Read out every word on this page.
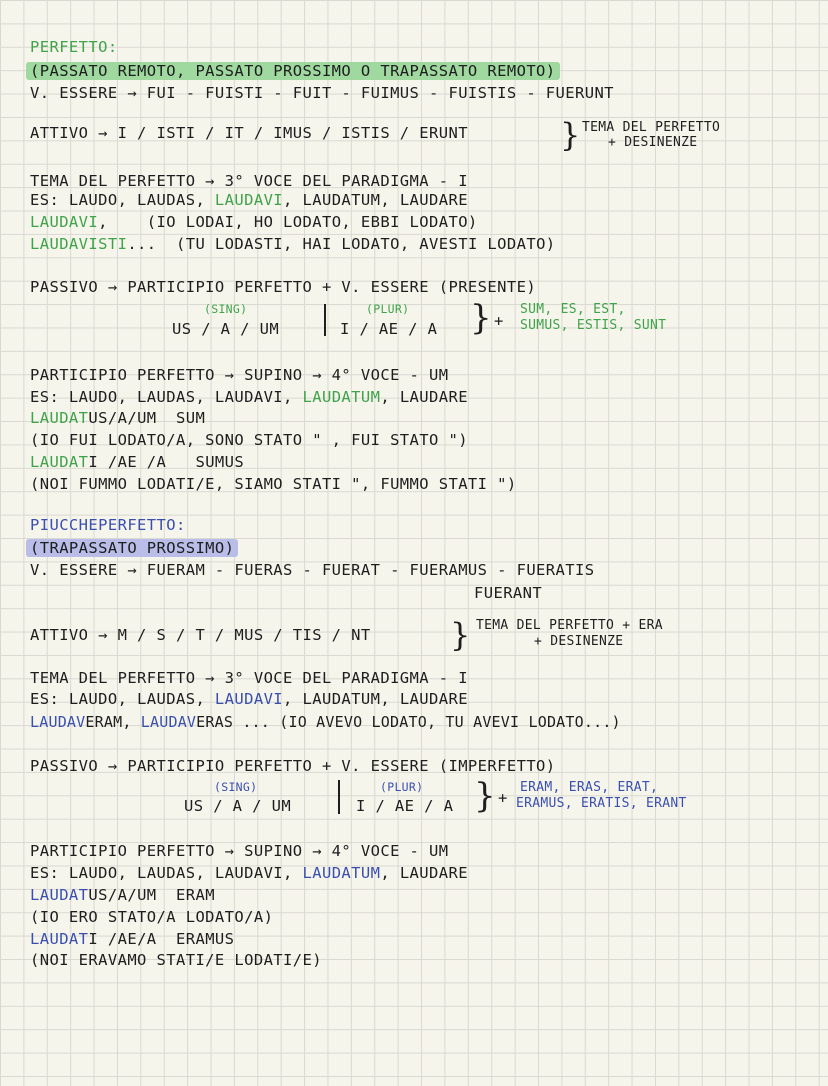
PERFETTO:
(PASSATO REMOTO, PASSATO PROSSIMO O TRAPASSATO REMOTO)
V. ESSERE → FUI - FUISTI - FUIT - FUIMUS - FUISTIS - FUERUNT
ATTIVO → I / ISTI / IT / IMUS / ISTIS / ERUNT	} TEMA DEL PERFETTO
+ DESINENZE
TEMA DEL PERFETTO → 3° VOCE DEL PARADIGMA - I
ES: LAUDO, LAUDAS, LAUDAVI, LAUDATUM, LAUDARE
LAUDAVI,    (IO LODAI, HO LODATO, EBBI LODATO)
LAUDAVISTI...  (TU LODASTI, HAI LODATO, AVESTI LODATO)
PASSIVO → PARTICIPIO PERFETTO + V. ESSERE (PRESENTE)
(SING)	(PLUR)
US / A / UM	I / AE / A } +
SUM, ES, EST,
SUMUS, ESTIS, SUNT
PARTICIPIO PERFETTO → SUPINO → 4° VOCE - UM
ES: LAUDO, LAUDAS, LAUDAVI, LAUDATUM, LAUDARE
LAUDATUS/A/UM  SUM
(IO FUI LODATO/A, SONO STATO " , FUI STATO ")
LAUDATI /AE /A   SUMUS
(NOI FUMMO LODATI/E, SIAMO STATI ", FUMMO STATI ")
PIUCCHEPERFETTO:
(TRAPASSATO PROSSIMO)
V. ESSERE → FUERAM - FUERAS - FUERAT - FUERAMUS - FUERATIS
FUERANT
ATTIVO → M / S / T / MUS / TIS / NT } TEMA DEL PERFETTO + ERA
+ DESINENZE
TEMA DEL PERFETTO → 3° VOCE DEL PARADIGMA - I
ES: LAUDO, LAUDAS, LAUDAVI, LAUDATUM, LAUDARE
LAUDAVERAM, LAUDAVERAS ... (IO AVEVO LODATO, TU AVEVI LODATO...)
PASSIVO → PARTICIPIO PERFETTO + V. ESSERE (IMPERFETTO)
(SING)	(PLUR)
US / A / UM	I / AE / A } +
ERAM, ERAS, ERAT,
ERAMUS, ERATIS, ERANT
PARTICIPIO PERFETTO → SUPINO → 4° VOCE - UM
ES: LAUDO, LAUDAS, LAUDAVI, LAUDATUM, LAUDARE
LAUDATUS/A/UM  ERAM
(IO ERO STATO/A LODATO/A)
LAUDATI /AE/A  ERAMUS
(NOI ERAVAMO STATI/E LODATI/E)
